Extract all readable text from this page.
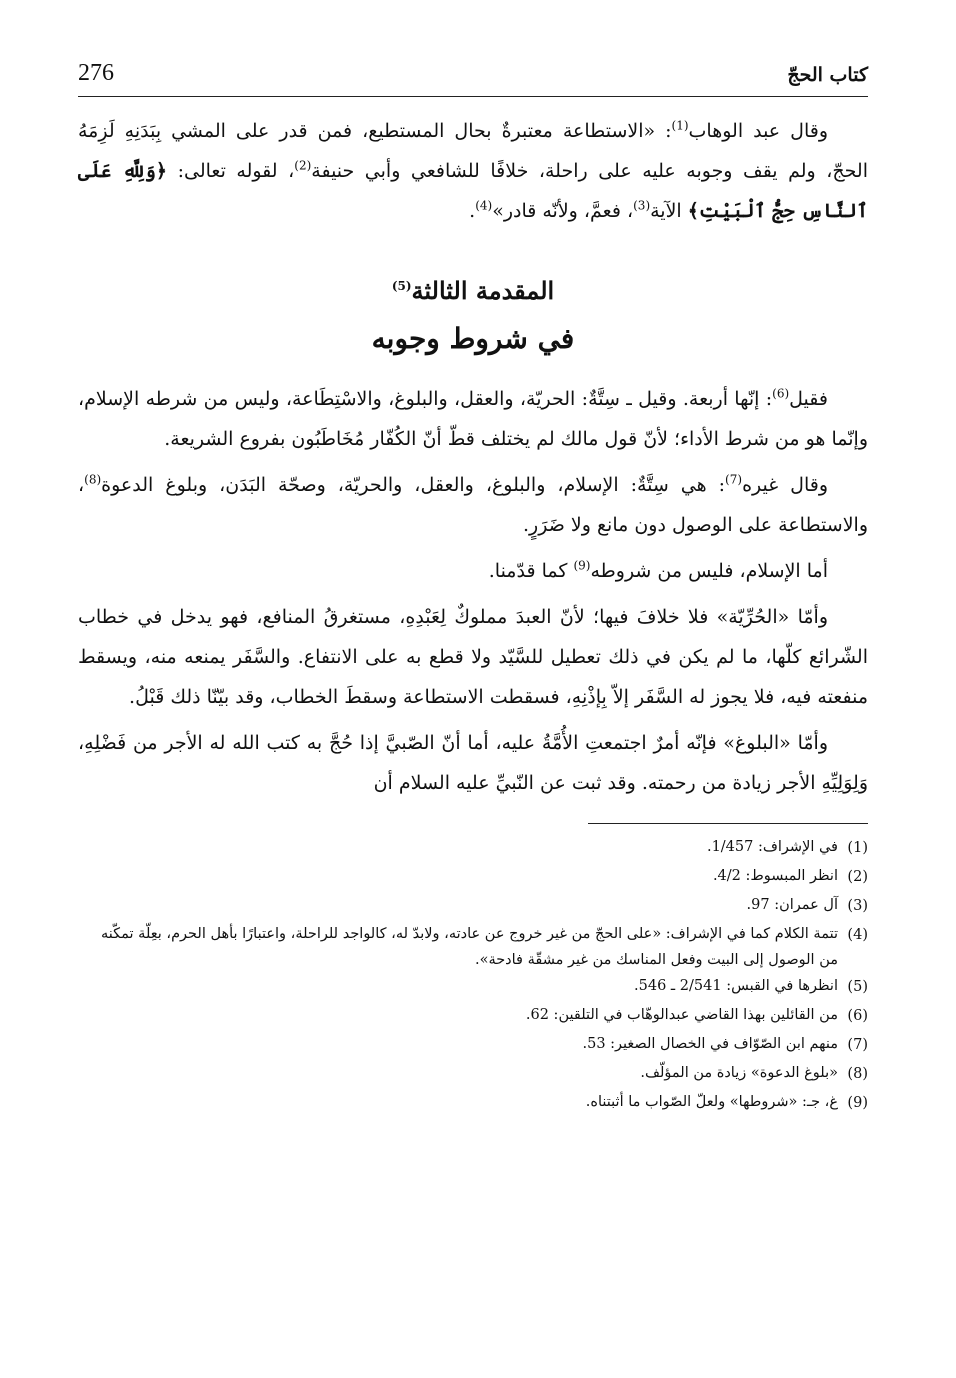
كتاب الحجّ
276

وقال عبد الوهاب$^{(1)}$: «الاستطاعة معتبرةٌ بحال المستطيع، فمن قدر على المشي بِبَدَنِهِ لَزِمَهُ الحجّ، ولم يقف وجوبه عليه على راحلة، خلافًا للشافعي وأبي حنيفة$^{(2)}$، لقوله تعالى: ﴿وَلِلَّهِ عَلَى ٱلنَّاسِ حِجُّ ٱلْبَيْتِ﴾ الآية$^{(3)}$، فعمَّ، ولأنّه قادر»$^{(4)}$.

المقدمة الثالثة$^{(5)}$
في شروط وجوبه

فقيل$^{(6)}$: إنّها أربعة. وقيل ـ سِتَّةٌ: الحريّة، والعقل، والبلوغ، والاسْتِطَاعة، وليس من شرطه الإسلام، وإنّما هو من شرط الأداء؛ لأنّ قول مالك لم يختلف قطّ أنّ الكُفّار مُخَاطَبُون بفروع الشريعة.

وقال غيره$^{(7)}$: هي سِتَّةٌ: الإسلام، والبلوغ، والعقل، والحريّة، وصحّة البَدَن، وبلوغ الدعوة$^{(8)}$، والاستطاعة على الوصول دون مانع ولا ضَرَرٍ.

أما الإسلام، فليس من شروطه$^{(9)}$ كما قدّمنا.

وأمّا «الحُرِّيّة» فلا خلافَ فيها؛ لأنّ العبدَ مملوكٌ لِعَبْدِهِ، مستغرقُ المنافع، فهو يدخل في خطاب الشّرائع كلّها، ما لم يكن في ذلك تعطيل للسَّيّد ولا قطع به على الانتفاع. والسَّفَر يمنعه منه، ويسقط منفعته فيه، فلا يجوز له السَّفَر إلاّ بِإذْنِهِ، فسقطت الاستطاعة وسقطَ الخطاب، وقد بيّنّا ذلك قَبْلُ.

وأمّا «البلوغ» فإنّه أمرٌ اجتمعتِ الأُمَّةُ عليه، أما أنّ الصّبيَّ إذا حُجَّ به كتب الله له الأجر من فَضْلِهِ، وَلِوَلِيِّهِ الأجر زيادة من رحمته. وقد ثبت عن النّبيِّ عليه السلام أن

(1)
في الإشراف: 1/457.
(2)
انظر المبسوط: 4/2.
(3)
آل عمران: 97.
(4)
تتمة الكلام كما في الإشراف: «على الحجّ من غير خروج عن عادته، ولابدّ له، كالواجد للراحلة، واعتبارًا بأهل الحرم، بعِلّة تمكّنه من الوصول إلى البيت وفعل المناسك من غير مشقّة فادحة».
(5)
انظرها في القبس: 2/541 ـ 546.
(6)
من القائلين بهذا القاضي عبدالوهّاب في التلقين: 62.
(7)
منهم ابن الصّوّاف في الخصال الصغير: 53.
(8)
«بلوغ الدعوة» زيادة من المؤلّف.
(9)
غ، جـ: «شروطها» ولعلّ الصّواب ما أثبتناه.
